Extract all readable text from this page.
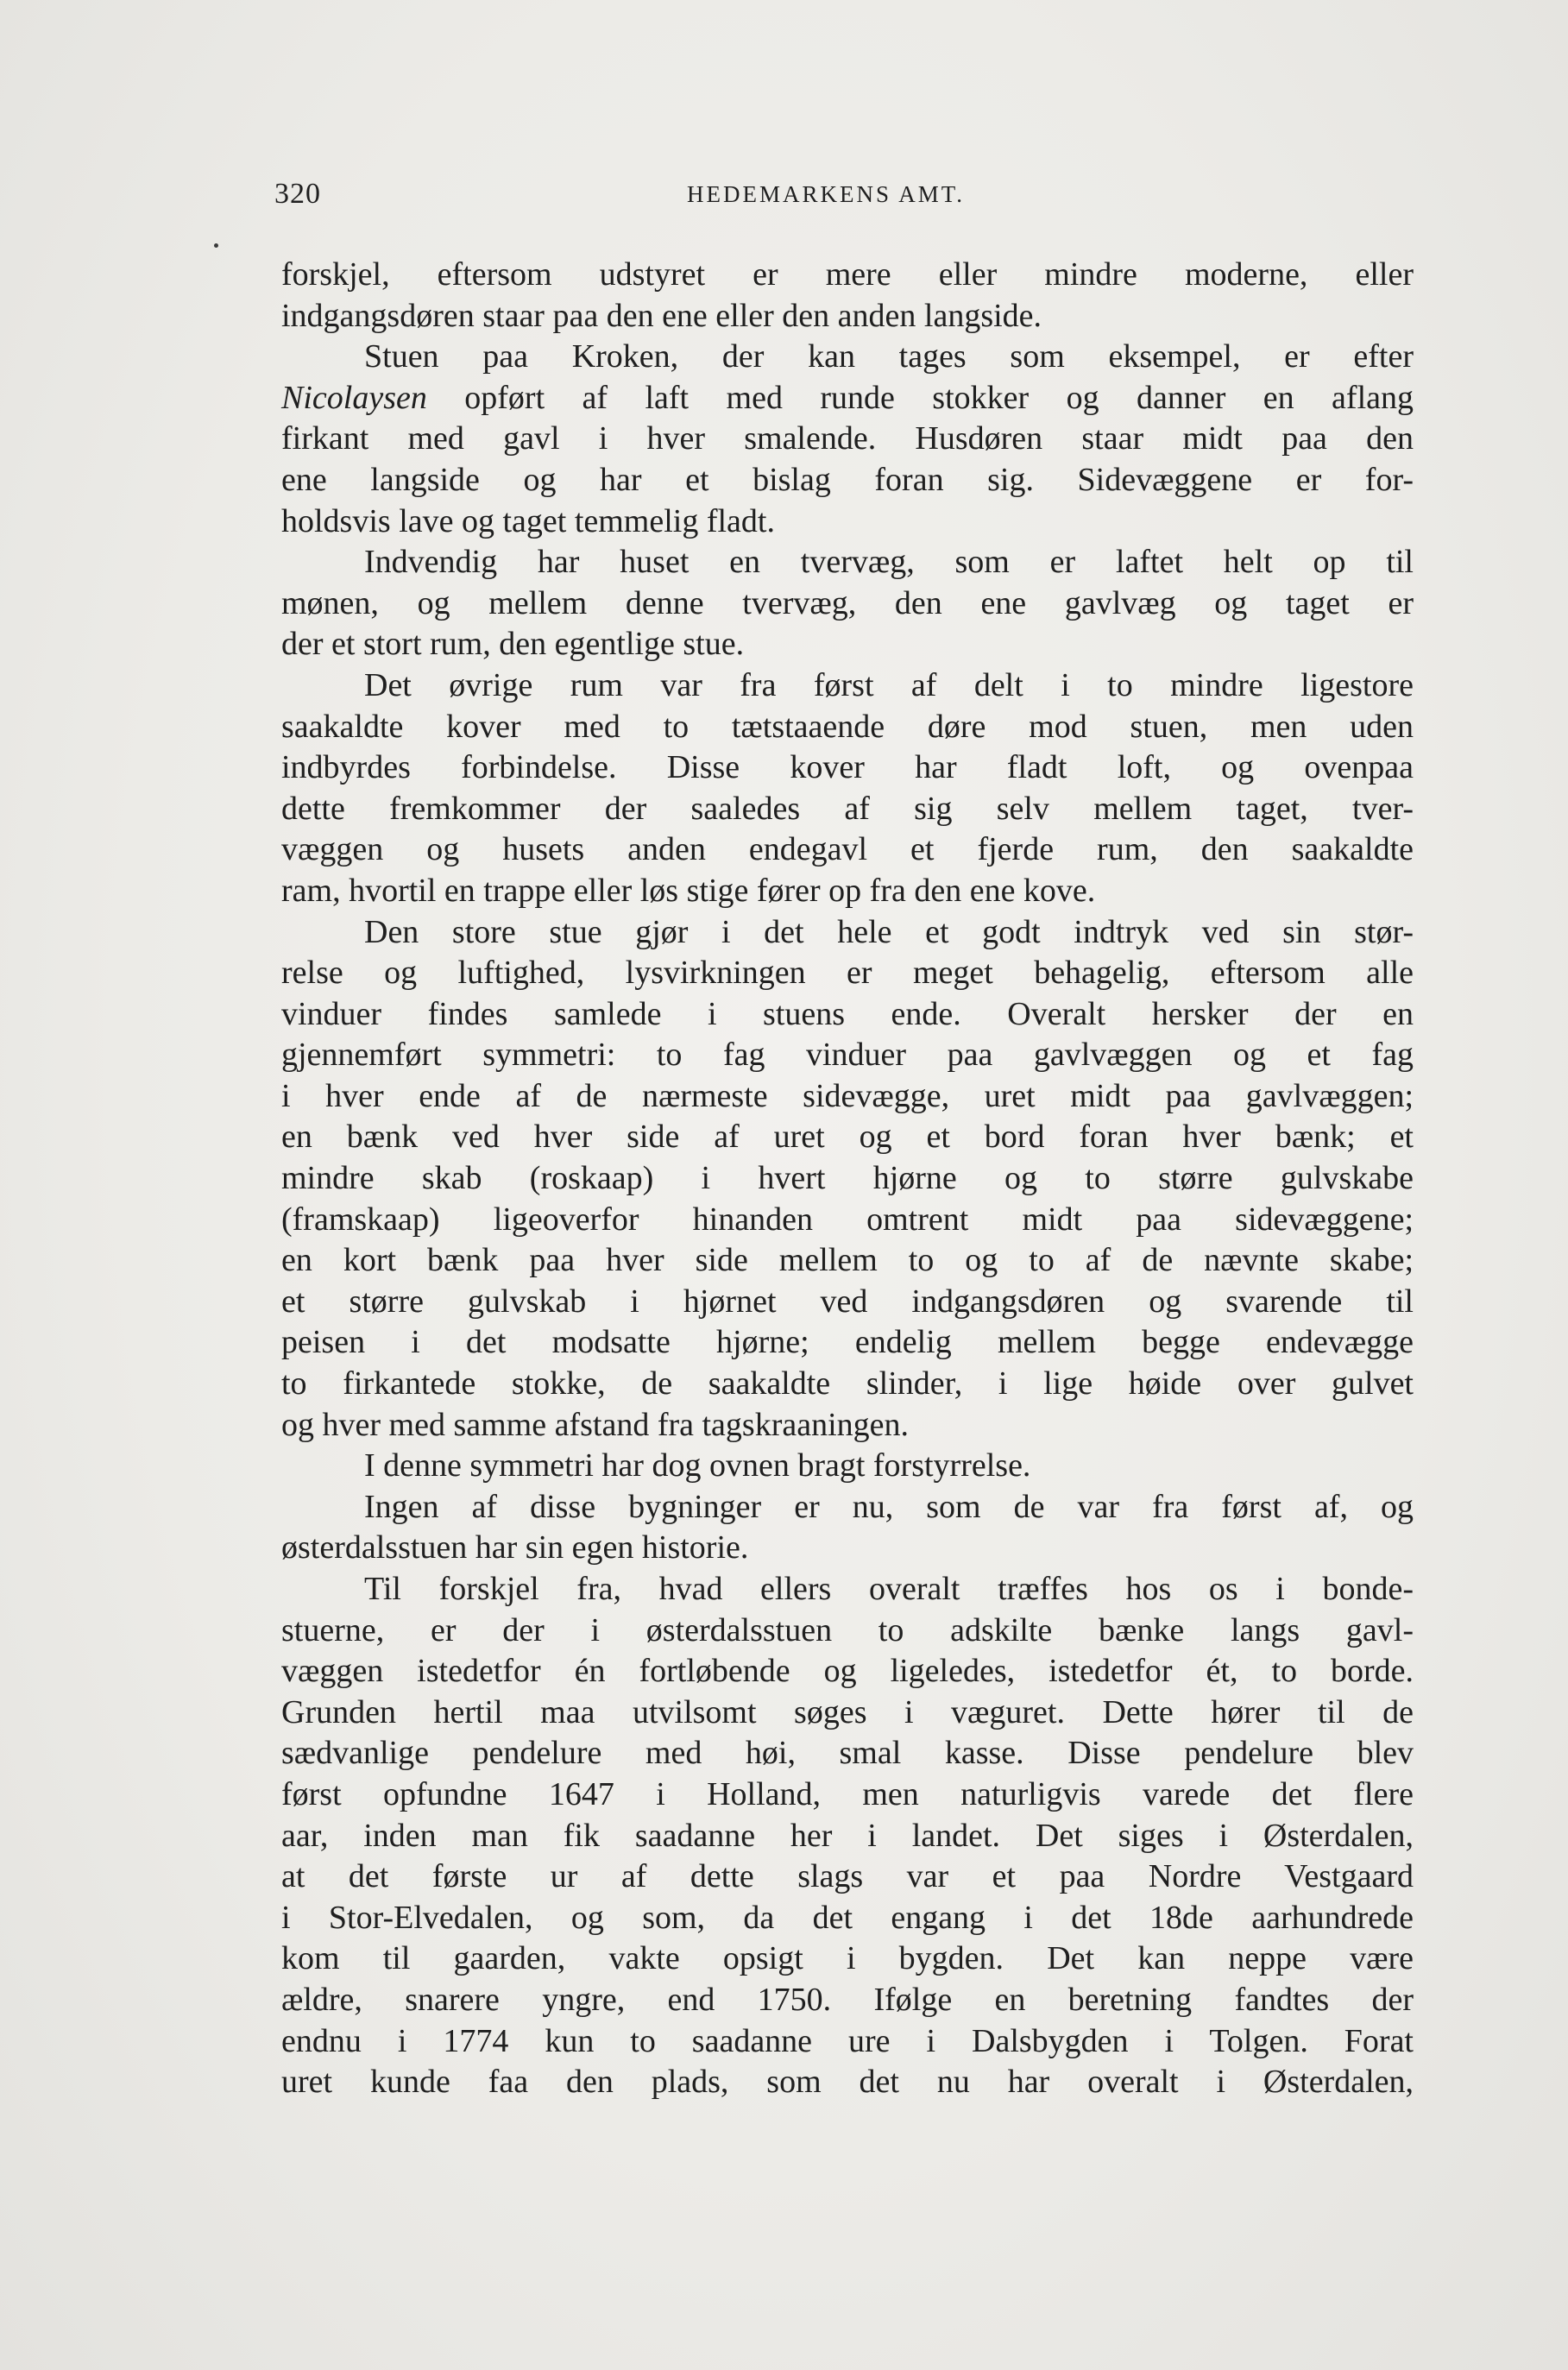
320	HEDEMARKENS AMT.
forskjel, eftersom udstyret er mere eller mindre moderne, eller
indgangsdøren staar paa den ene eller den anden langside.
Stuen paa Kroken, der kan tages som eksempel, er efter
Nicolaysen opført af laft med runde stokker og danner en aflang
firkant med gavl i hver smalende. Husdøren staar midt paa den
ene langside og har et bislag foran sig. Sidevæggene er for-
holdsvis lave og taget temmelig fladt.
Indvendig har huset en tvervæg, som er laftet helt op til
mønen, og mellem denne tvervæg, den ene gavlvæg og taget er
der et stort rum, den egentlige stue.
Det øvrige rum var fra først af delt i to mindre ligestore
saakaldte kover med to tætstaaende døre mod stuen, men uden
indbyrdes forbindelse. Disse kover har fladt loft, og ovenpaa
dette fremkommer der saaledes af sig selv mellem taget, tver-
væggen og husets anden endegavl et fjerde rum, den saakaldte
ram, hvortil en trappe eller løs stige fører op fra den ene kove.
Den store stue gjør i det hele et godt indtryk ved sin stør-
relse og luftighed, lysvirkningen er meget behagelig, eftersom alle
vinduer findes samlede i stuens ende. Overalt hersker der en
gjennemført symmetri: to fag vinduer paa gavlvæggen og et fag
i hver ende af de nærmeste sidevægge, uret midt paa gavlvæggen;
en bænk ved hver side af uret og et bord foran hver bænk; et
mindre skab (roskaap) i hvert hjørne og to større gulvskabe
(framskaap) ligeoverfor hinanden omtrent midt paa sidevæggene;
en kort bænk paa hver side mellem to og to af de nævnte skabe;
et større gulvskab i hjørnet ved indgangsdøren og svarende til
peisen i det modsatte hjørne; endelig mellem begge endevægge
to firkantede stokke, de saakaldte slinder, i lige høide over gulvet
og hver med samme afstand fra tagskraaningen.
I denne symmetri har dog ovnen bragt forstyrrelse.
Ingen af disse bygninger er nu, som de var fra først af, og
østerdalsstuen har sin egen historie.
Til forskjel fra, hvad ellers overalt træffes hos os i bonde-
stuerne, er der i østerdalsstuen to adskilte bænke langs gavl-
væggen istedetfor én fortløbende og ligeledes, istedetfor ét, to borde.
Grunden hertil maa utvilsomt søges i væguret. Dette hører til de
sædvanlige pendelure med høi, smal kasse. Disse pendelure blev
først opfundne 1647 i Holland, men naturligvis varede det flere
aar, inden man fik saadanne her i landet. Det siges i Østerdalen,
at det første ur af dette slags var et paa Nordre Vestgaard
i Stor-Elvedalen, og som, da det engang i det 18de aarhundrede
kom til gaarden, vakte opsigt i bygden. Det kan neppe være
ældre, snarere yngre, end 1750. Ifølge en beretning fandtes der
endnu i 1774 kun to saadanne ure i Dalsbygden i Tolgen. Forat
uret kunde faa den plads, som det nu har overalt i Østerdalen,
